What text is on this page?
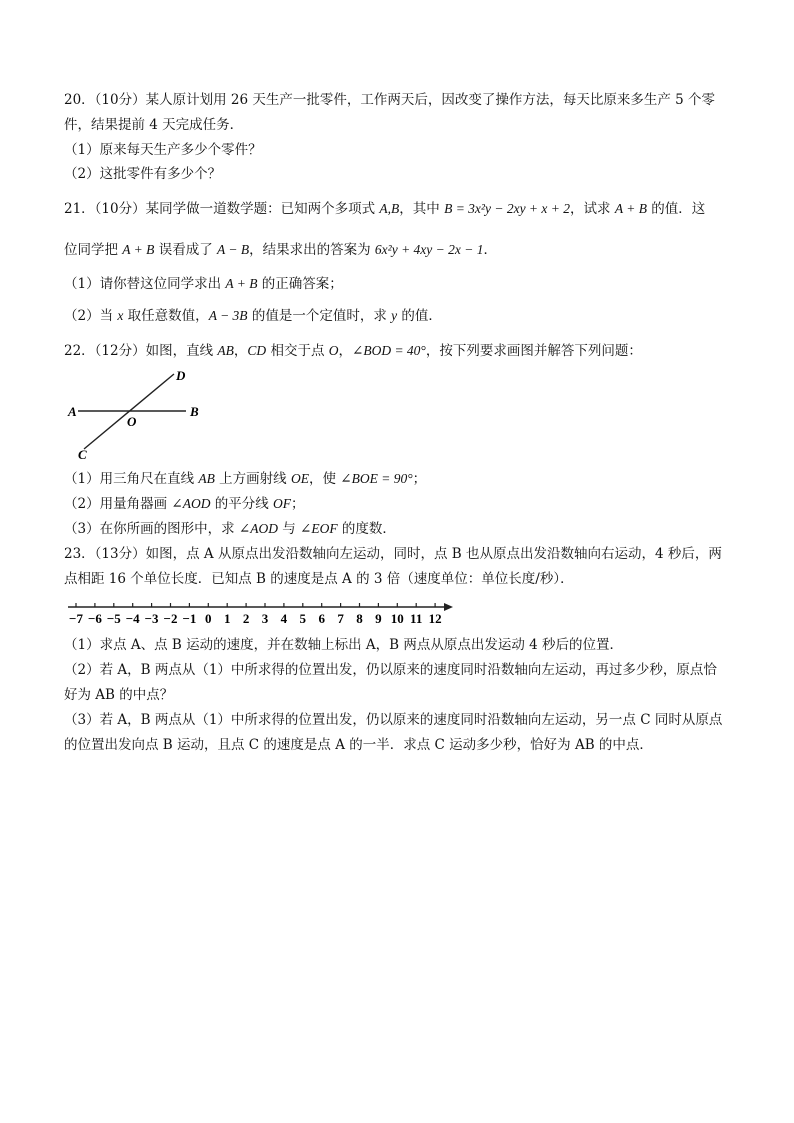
20．（10分）某人原计划用 26 天生产一批零件，工作两天后，因改变了操作方法，每天比原来多生产 5 个零
件，结果提前 4 天完成任务．
（1）原来每天生产多少个零件？
（2）这批零件有多少个？
21．（10分）某同学做一道数学题：已知两个多项式 A,B，其中 B = 3x²y − 2xy + x + 2，试求 A + B 的值．这
位同学把 A + B 误看成了 A − B，结果求出的答案为 6x²y + 4xy − 2x − 1．
（1）请你替这位同学求出 A + B 的正确答案；
（2）当 x 取任意数值，A − 3B 的值是一个定值时，求 y 的值．
22．（12分）如图，直线 AB，CD 相交于点 O，∠BOD = 40°，按下列要求画图并解答下列问题：
A	B
C
D
O
（1）用三角尺在直线 AB 上方画射线 OE，使 ∠BOE = 90°；
（2）用量角器画 ∠AOD 的平分线 OF；
（3）在你所画的图形中，求 ∠AOD 与 ∠EOF 的度数．
23．（13分）如图，点 A 从原点出发沿数轴向左运动，同时，点 B 也从原点出发沿数轴向右运动，4 秒后，两
点相距 16 个单位长度．已知点 B 的速度是点 A 的 3 倍（速度单位：单位长度/秒）．
−7 −6 −5 −4 −3 −2 −1 0 1 2 3 4 5 6 7 8 9 10 11 12
（1）求点 A、点 B 运动的速度，并在数轴上标出 A，B 两点从原点出发运动 4 秒后的位置．
（2）若 A，B 两点从（1）中所求得的位置出发，仍以原来的速度同时沿数轴向左运动，再过多少秒，原点恰
好为 AB 的中点？
（3）若 A，B 两点从（1）中所求得的位置出发，仍以原来的速度同时沿数轴向左运动，另一点 C 同时从原点
的位置出发向点 B 运动，且点 C 的速度是点 A 的一半．求点 C 运动多少秒，恰好为 AB 的中点．
